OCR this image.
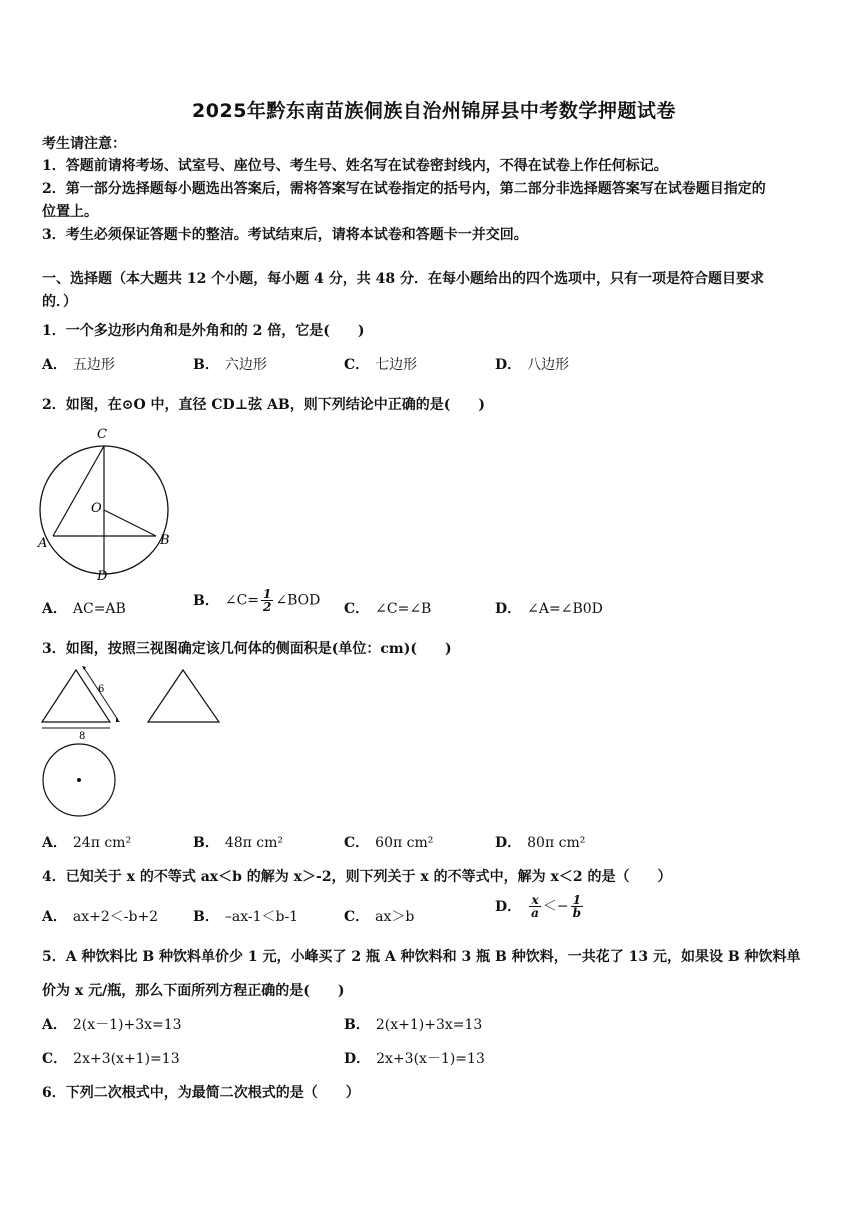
2025年黔东南苗族侗族自治州锦屏县中考数学押题试卷
考生请注意：
1．答题前请将考场、试室号、座位号、考生号、姓名写在试卷密封线内，不得在试卷上作任何标记。
2．第一部分选择题每小题选出答案后，需将答案写在试卷指定的括号内，第二部分非选择题答案写在试卷题目指定的
位置上。
3．考生必须保证答题卡的整洁。考试结束后，请将本试卷和答题卡一并交回。
一、选择题（本大题共 12 个小题，每小题 4 分，共 48 分．在每小题给出的四个选项中，只有一项是符合题目要求
的．）
1．一个多边形内角和是外角和的 2 倍，它是(　　)
A． 五边形	B． 六边形	C． 七边形	D． 八边形
2．如图，在⊙O 中，直径 CD⊥弦 AB，则下列结论中正确的是(　　)
C
O
A	B
D
A． AC=AB
B． ∠C= $\frac{1}{2}$ ∠BOD
C． ∠C=∠B	D． ∠A=∠B0D
3．如图，按照三视图确定该几何体的侧面积是(单位：cm)(　　)
6
8
A． 24π cm²	B． 48π cm²	C． 60π cm²	D． 80π cm²
4．已知关于 x 的不等式 ax＜b 的解为 x＞-2，则下列关于 x 的不等式中，解为 x＜2 的是（　　）
A． ax+2＜-b+2 B． –ax-1＜b-1	C． ax＞b
D． $\frac{x}{a} <- \frac{1}{b}$
5．A 种饮料比 B 种饮料单价少 1 元，小峰买了 2 瓶 A 种饮料和 3 瓶 B 种饮料，一共花了 13 元，如果设 B 种饮料单
价为 x 元/瓶，那么下面所列方程正确的是(　　)
A． 2(x－1)+3x=13	B． 2(x+1)+3x=13
C． 2x+3(x+1)=13	D． 2x+3(x－1)=13
6．下列二次根式中，为最简二次根式的是（　　）
